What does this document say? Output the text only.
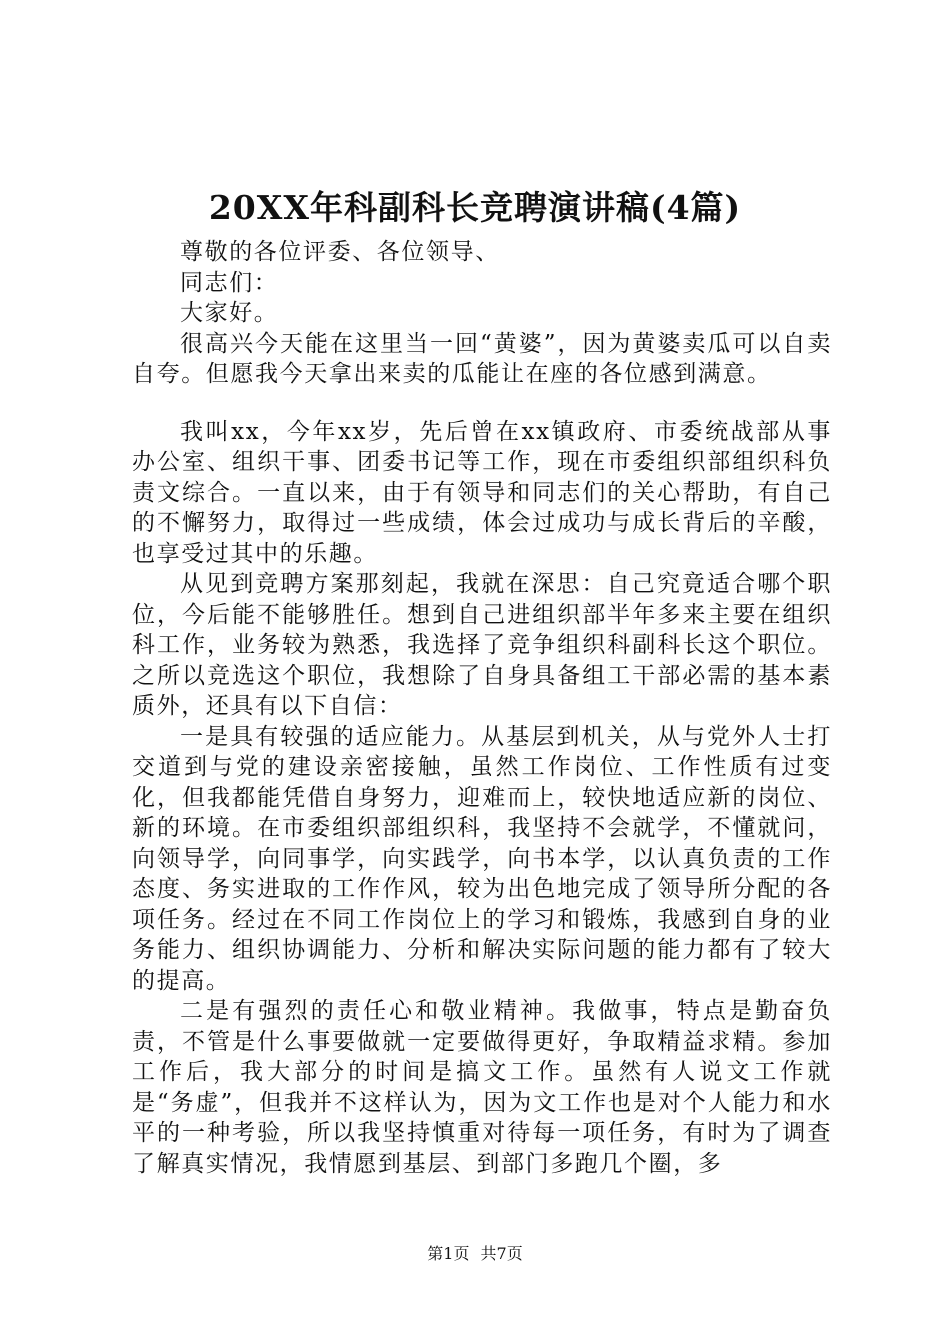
20XX年科副科长竞聘演讲稿(4篇)

尊敬的各位评委、各位领导、

同志们：

大家好。

很高兴今天能在这里当一回“黄婆”，因为黄婆卖瓜可以自卖自夸。但愿我今天拿出来卖的瓜能让在座的各位感到满意。

我叫xx，今年xx岁，先后曾在xx镇政府、市委统战部从事办公室、组织干事、团委书记等工作，现在市委组织部组织科负责文综合。一直以来，由于有领导和同志们的关心帮助，有自己的不懈努力，取得过一些成绩，体会过成功与成长背后的辛酸，也享受过其中的乐趣。

从见到竞聘方案那刻起，我就在深思：自己究竟适合哪个职位，今后能不能够胜任。想到自己进组织部半年多来主要在组织科工作，业务较为熟悉，我选择了竞争组织科副科长这个职位。之所以竞选这个职位，我想除了自身具备组工干部必需的基本素质外，还具有以下自信：

一是具有较强的适应能力。从基层到机关，从与党外人士打交道到与党的建设亲密接触，虽然工作岗位、工作性质有过变化，但我都能凭借自身努力，迎难而上，较快地适应新的岗位、新的环境。在市委组织部组织科，我坚持不会就学，不懂就问，向领导学，向同事学，向实践学，向书本学，以认真负责的工作态度、务实进取的工作作风，较为出色地完成了领导所分配的各项任务。经过在不同工作岗位上的学习和锻炼，我感到自身的业务能力、组织协调能力、分析和解决实际问题的能力都有了较大的提高。

二是有强烈的责任心和敬业精神。我做事，特点是勤奋负责，不管是什么事要做就一定要做得更好，争取精益求精。参加工作后，我大部分的时间是搞文工作。虽然有人说文工作就是“务虚”，但我并不这样认为，因为文工作也是对个人能力和水平的一种考验，所以我坚持慎重对待每一项任务，有时为了调查了解真实情况，我情愿到基层、到部门多跑几个圈，多

第1页 共7页
